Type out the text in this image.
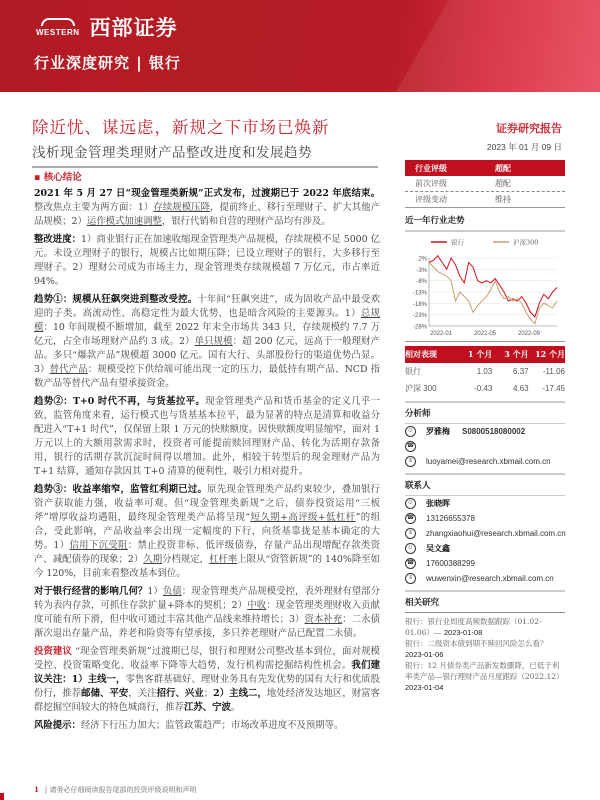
WESTERN 西部证券
行业深度研究 | 银行
除近忧、谋远虑，新规之下市场已焕新
浅析现金管理类理财产品整改进度和发展趋势
证券研究报告
2023 年 01 月 09 日
▪ 核心结论

2021 年 5 月 27 日“现金管理类新规”正式发布，过渡期已于 2022 年底结束。整改焦点主要为两方面：1）存续规模压降，提前终止、移行至理财子、扩大其他产品规模；2）运作模式加速调整，银行代销和自营的理财产品均有涉及。

整改进度：1）商业银行正在加速收缩现金管理类产品规模，存续规模不足 5000 亿元。未设立理财子的银行，规模占比如期压降；已设立理财子的银行，大多移行至理财子。2）理财公司成为市场主力，现金管理类存续规模超 7 万亿元，市占率近 94%。

趋势①：规模从狂飙突进到整改受控。十年间“狂飙突进”，成为固收产品中最受欢迎的子类。高流动性、高稳定性为最大优势，也是暗含风险的主要源头。1）总规模：10 年间规模不断增加，截至 2022 年末全市场共 343 只，存续规模约 7.7 万亿元，占全市场理财产品约 3 成。2）单只规模：超 200 亿元，远高于一般理财产品。多只“爆款产品”规模超 3000 亿元。国有大行、头部股份行的渠道优势凸显。3）替代产品：规模受控下供给端可能出现一定的压力，最低持有期产品、NCD 指数产品等替代产品有望承接资金。

趋势②：T+0 时代不再，与货基拉平。现金管理类产品和货币基金的定义几乎一致，监管角度来看，运行模式也与货基基本拉平，最为显著的特点是清算和收益分配进入“T+1 时代”，仅保留上限 1 万元的快赎额度。因快赎额度明显缩窄，面对 1 万元以上的大额用款需求时，投资者可能提前赎回理财产品、转化为活期存款备用，银行的活期存款沉淀时间得以增加。此外，相较于转型后的现金理财产品为 T+1 结算，通知存款因其 T+0 清算的便利性，吸引力相对提升。

趋势③：收益率缩窄，监管红利期已过。原先现金管理类产品约束较少，叠加银行资产获取能力强，收益率可观。但“现金管理类新规”之后，债券投资运用“三板斧”增厚收益均遇阻，最终现金管理类产品将呈现“短久期+高评级+低杠杆”的组合，受此影响，产品收益率会出现一定幅度的下行，向货基靠拢是基本确定的大势。1）信用下沉受阻：禁止投资非标、低评级债券，存量产品出现增配存款类资产、减配债券的现象；2）久期分档规定，杠杆率上限从“资管新规”的 140%降至如今 120%，目前来看整改基本到位。

对于银行经营的影响几何？1）负债：现金管理类产品规模受控，表外理财有望部分转为表内存款，可抓住存款扩量+降本的契机；2）中收：现金管理类理财收入贡献度可能有所下滑，但中收可通过丰富其他产品线来维持增长；3）资本补充：二永债渐次退出存量产品，养老和险资等有望承接，多只养老理财产品已配置二永债。

投资建议 “现金管理类新规”过渡期已尽，银行和理财公司整改基本到位，面对规模受控、投资策略变化、收益率下降等大趋势，发行机构需挖掘结构性机会。我们建议关注：1）主线一，零售客群基础好、理财业务具有先发优势的国有大行和优质股份行，推荐邮储、平安，关注招行、兴业；2）主线二，地处经济发达地区，财富客群挖掘空间较大的特色城商行，推荐江苏、宁波。

风险提示：经济下行压力加大；监管政策趋严；市场改革进度不及预期等。

行业评级	超配
前次评级	超配
评级变动	维持
近一年行业走势
2%
-3%
-8%
-13%
-18%
-23%
-28%
2022-01	2022-05	2022-09
银行	沪深300
相对表现	1 个月	3 个月 12 个月
银行	1.03	6.37	-11.06
沪深 300	-0.43	4.63	-17.45
分析师
☺	罗雅梅 S0800518080002
☎
≡	luoyamei@research.xbmail.com.cn
联系人
☺	张晓晖
☎ 13126655378
≡	zhangxiaohui@research.xbmail.com.cn
☺	吴文鑫
☎ 17600388299
≡	wuwenxin@research.xbmail.com.cn
相关研究
银行：银行业周度高频数据跟踪（01.02-01.06）— 2023-01-08
银行：二级资本债到期不赎回风险怎么看？
2023-01-06
银行：12 月债券类产品新发数骤降，已低于利率类产品—银行理财产品月度跟踪（2022.12） 2023-01-04
1 | 请务必仔细阅读报告尾部的投资评级说明和声明
